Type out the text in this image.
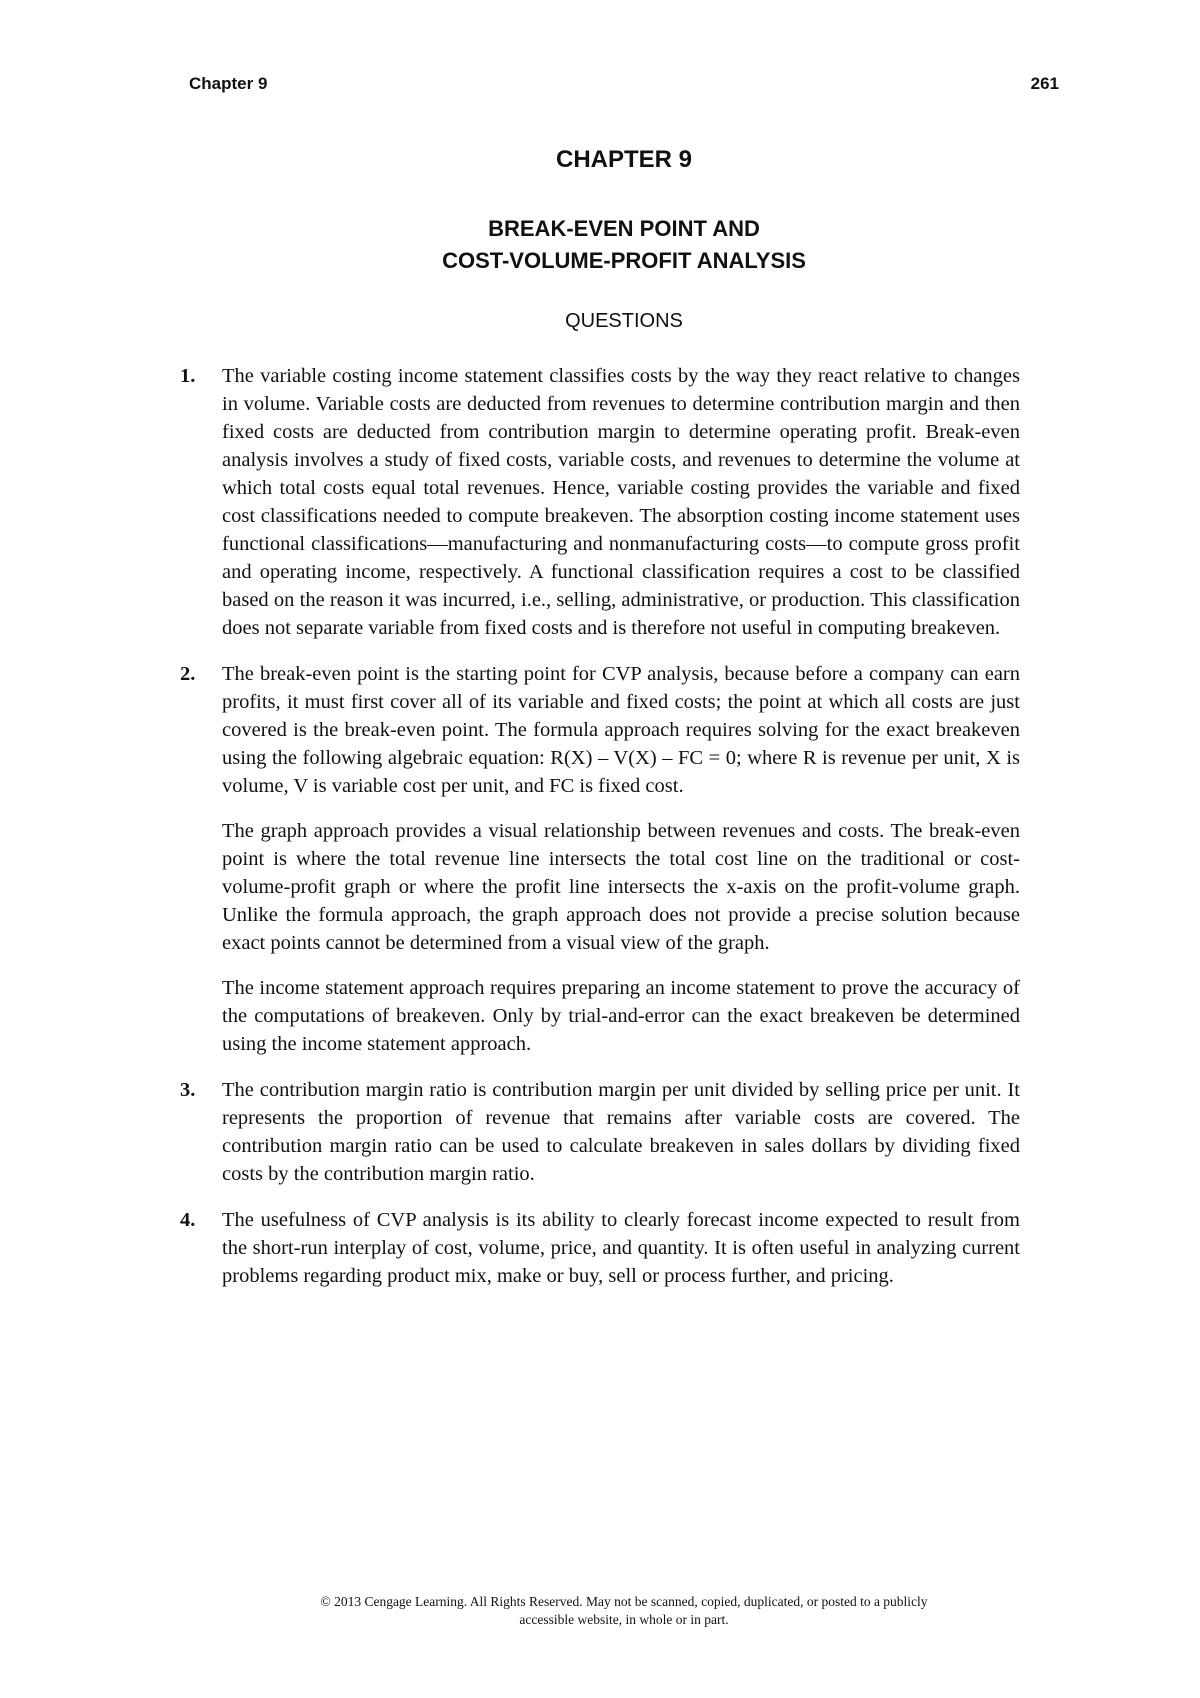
Chapter 9	261
CHAPTER 9
BREAK-EVEN POINT AND
COST-VOLUME-PROFIT ANALYSIS
QUESTIONS
1. The variable costing income statement classifies costs by the way they react relative to changes in volume. Variable costs are deducted from revenues to determine contribution margin and then fixed costs are deducted from contribution margin to determine operating profit. Break-even analysis involves a study of fixed costs, variable costs, and revenues to determine the volume at which total costs equal total revenues. Hence, variable costing provides the variable and fixed cost classifications needed to compute breakeven. The absorption costing income statement uses functional classifications—manufacturing and nonmanufacturing costs—to compute gross profit and operating income, respectively. A functional classification requires a cost to be classified based on the reason it was incurred, i.e., selling, administrative, or production. This classification does not separate variable from fixed costs and is therefore not useful in computing breakeven.

2. The break-even point is the starting point for CVP analysis, because before a company can earn profits, it must first cover all of its variable and fixed costs; the point at which all costs are just covered is the break-even point. The formula approach requires solving for the exact breakeven using the following algebraic equation: R(X) – V(X) – FC = 0; where R is revenue per unit, X is volume, V is variable cost per unit, and FC is fixed cost.

The graph approach provides a visual relationship between revenues and costs. The break-even point is where the total revenue line intersects the total cost line on the traditional or cost-volume-profit graph or where the profit line intersects the x-axis on the profit-volume graph. Unlike the formula approach, the graph approach does not provide a precise solution because exact points cannot be determined from a visual view of the graph.

The income statement approach requires preparing an income statement to prove the accuracy of the computations of breakeven. Only by trial-and-error can the exact breakeven be determined using the income statement approach.

3. The contribution margin ratio is contribution margin per unit divided by selling price per unit. It represents the proportion of revenue that remains after variable costs are covered. The contribution margin ratio can be used to calculate breakeven in sales dollars by dividing fixed costs by the contribution margin ratio.

4. The usefulness of CVP analysis is its ability to clearly forecast income expected to result from the short-run interplay of cost, volume, price, and quantity. It is often useful in analyzing current problems regarding product mix, make or buy, sell or process further, and pricing.

© 2013 Cengage Learning. All Rights Reserved. May not be scanned, copied, duplicated, or posted to a publicly
accessible website, in whole or in part.
